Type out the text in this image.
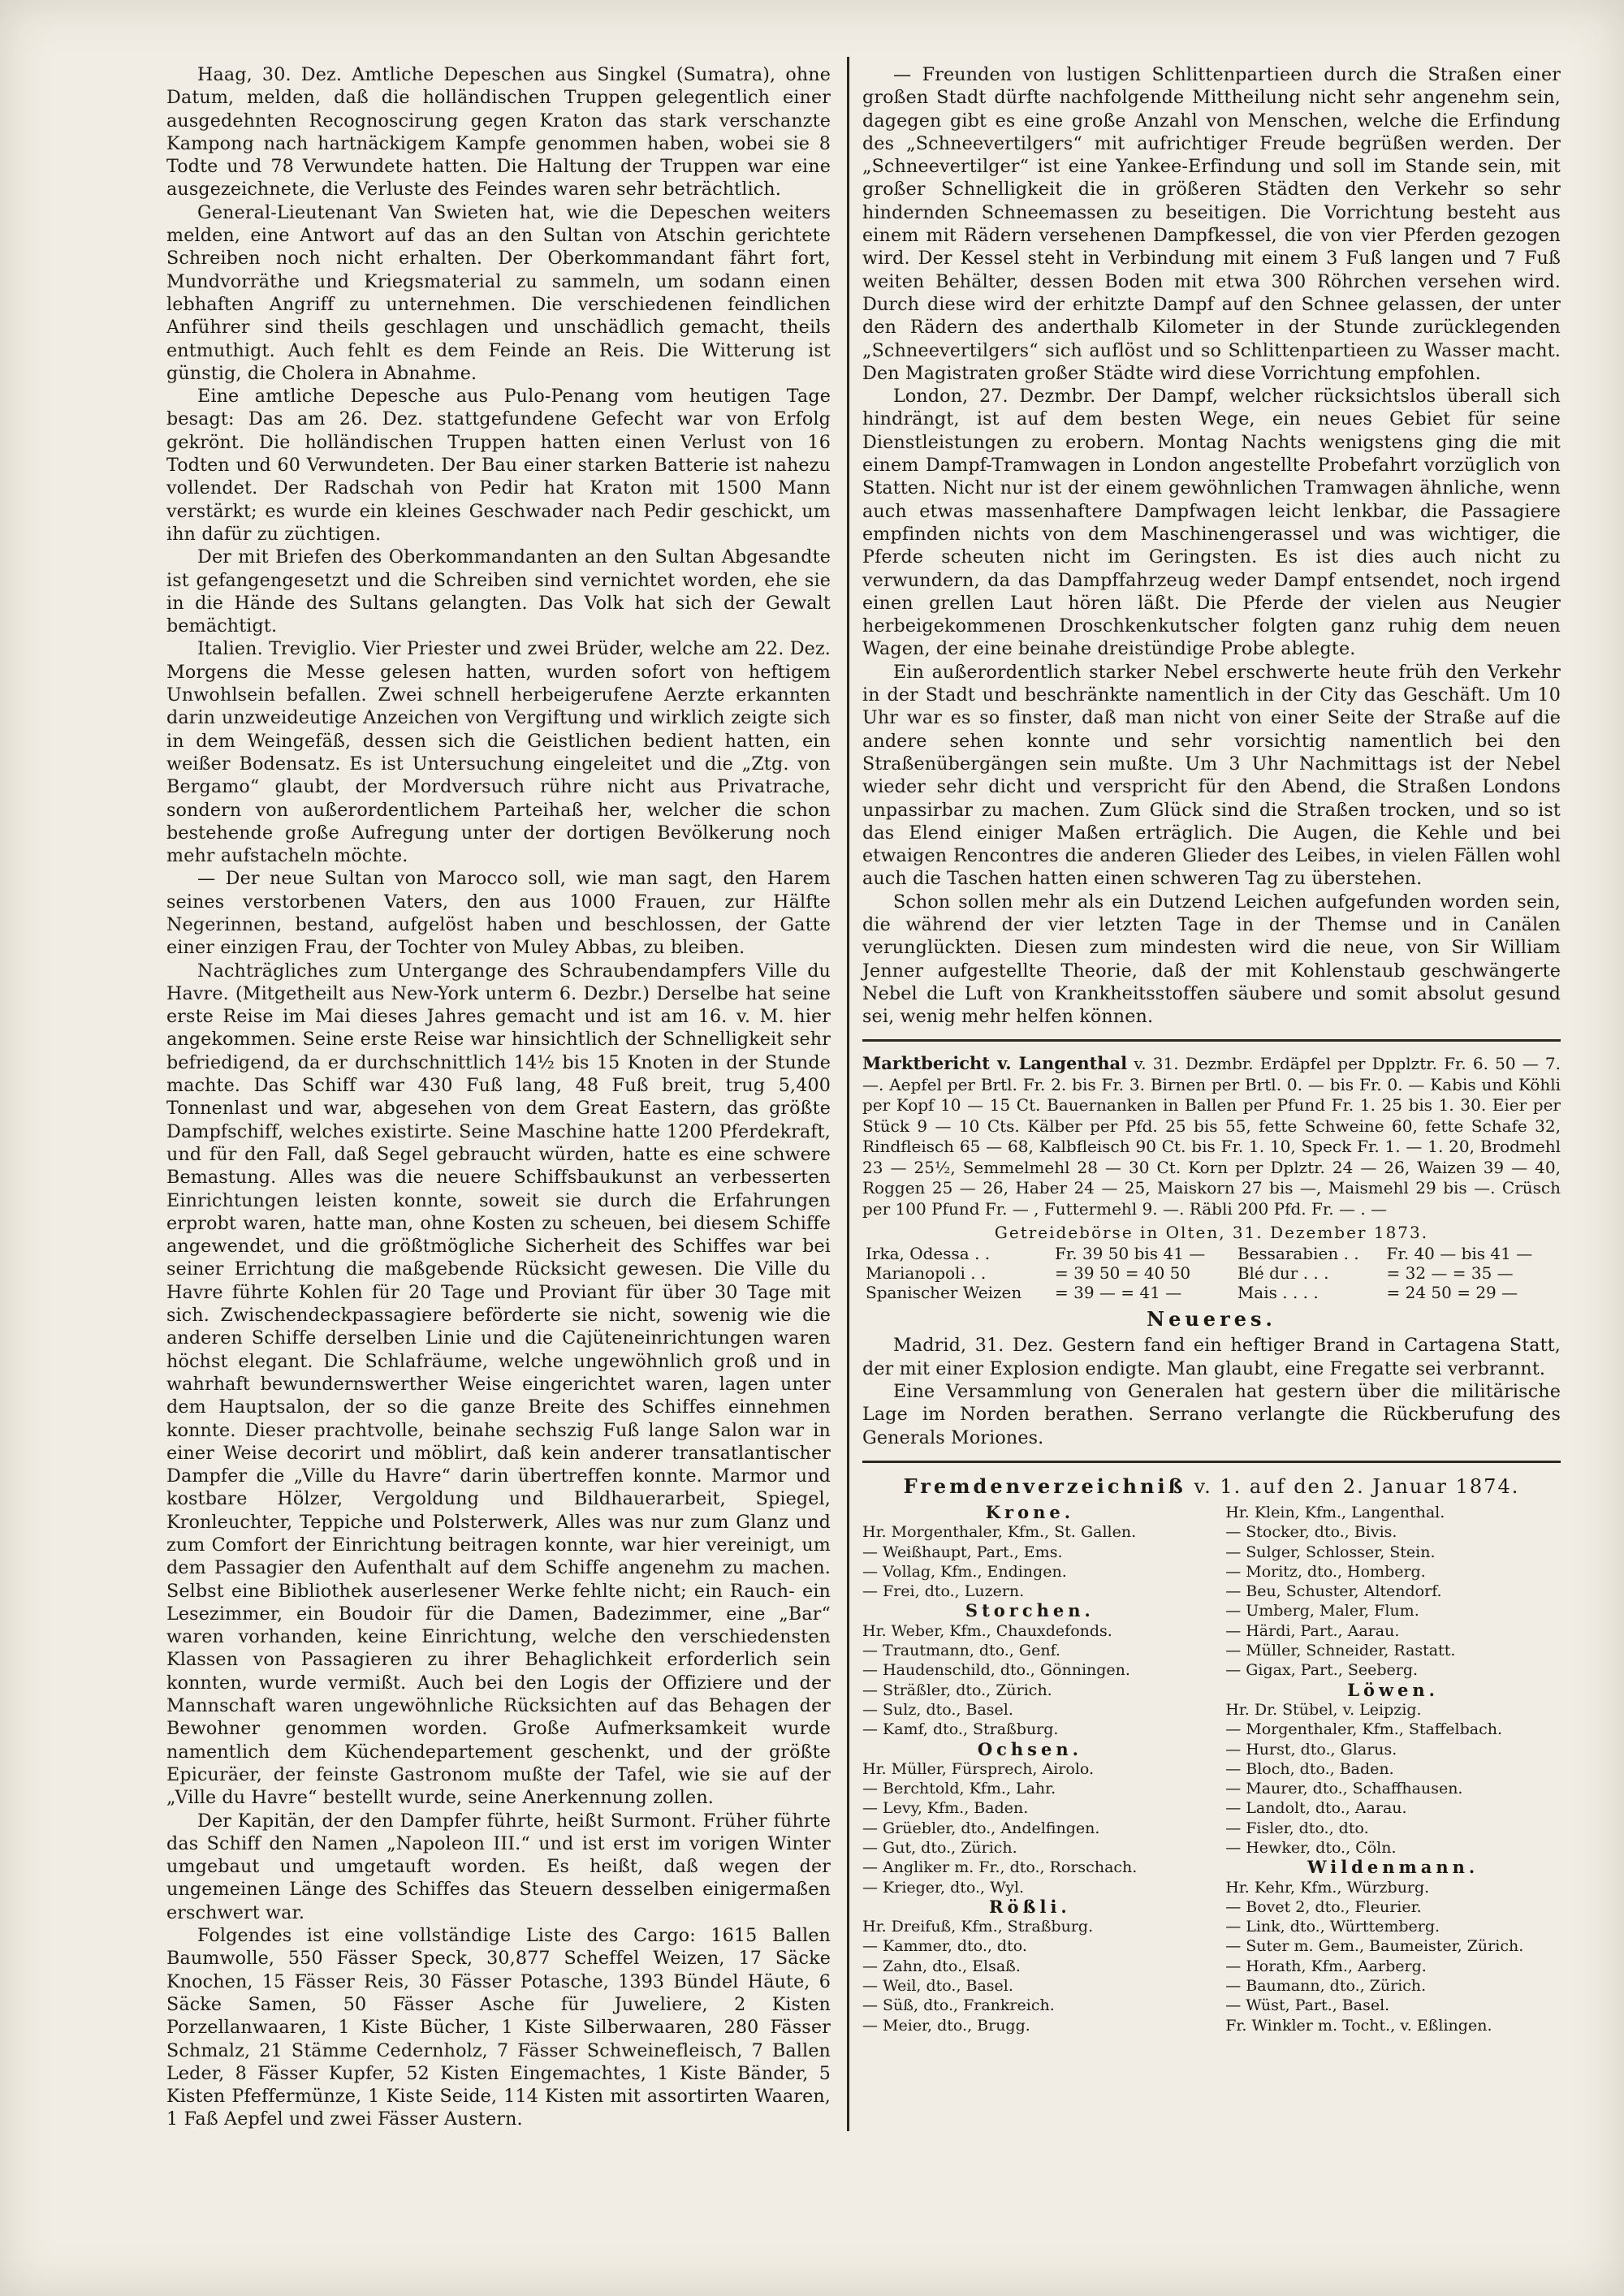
Haag, 30. Dez. Amtliche Depeschen aus Singkel (Sumatra), ohne Datum, melden, daß die holländischen Truppen gelegentlich einer ausgedehnten Recognoscirung gegen Kraton das stark verschanzte Kampong nach hartnäckigem Kampfe genommen haben, wobei sie 8 Todte und 78 Verwundete hatten. Die Haltung der Truppen war eine ausgezeichnete, die Verluste des Feindes waren sehr beträchtlich.

General-Lieutenant Van Swieten hat, wie die Depeschen weiters melden, eine Antwort auf das an den Sultan von Atschin gerichtete Schreiben noch nicht erhalten. Der Oberkommandant fährt fort, Mundvorräthe und Kriegsmaterial zu sammeln, um sodann einen lebhaften Angriff zu unternehmen. Die verschiedenen feindlichen Anführer sind theils geschlagen und unschädlich gemacht, theils entmuthigt. Auch fehlt es dem Feinde an Reis. Die Witterung ist günstig, die Cholera in Abnahme.

Eine amtliche Depesche aus Pulo-Penang vom heutigen Tage besagt: Das am 26. Dez. stattgefundene Gefecht war von Erfolg gekrönt. Die holländischen Truppen hatten einen Verlust von 16 Todten und 60 Verwundeten. Der Bau einer starken Batterie ist nahezu vollendet. Der Radschah von Pedir hat Kraton mit 1500 Mann verstärkt; es wurde ein kleines Geschwader nach Pedir geschickt, um ihn dafür zu züchtigen.

Der mit Briefen des Oberkommandanten an den Sultan Abgesandte ist gefangengesetzt und die Schreiben sind vernichtet worden, ehe sie in die Hände des Sultans gelangten. Das Volk hat sich der Gewalt bemächtigt.

Italien. Treviglio. Vier Priester und zwei Brüder, welche am 22. Dez. Morgens die Messe gelesen hatten, wurden sofort von heftigem Unwohlsein befallen. Zwei schnell herbeigerufene Aerzte erkannten darin unzweideutige Anzeichen von Vergiftung und wirklich zeigte sich in dem Weingefäß, dessen sich die Geistlichen bedient hatten, ein weißer Bodensatz. Es ist Untersuchung eingeleitet und die „Ztg. von Bergamo“ glaubt, der Mordversuch rühre nicht aus Privatrache, sondern von außerordentlichem Parteihaß her, welcher die schon bestehende große Aufregung unter der dortigen Bevölkerung noch mehr aufstacheln möchte.

— Der neue Sultan von Marocco soll, wie man sagt, den Harem seines verstorbenen Vaters, den aus 1000 Frauen, zur Hälfte Negerinnen, bestand, aufgelöst haben und beschlossen, der Gatte einer einzigen Frau, der Tochter von Muley Abbas, zu bleiben.

Nachträgliches zum Untergange des Schraubendampfers Ville du Havre. (Mitgetheilt aus New-York unterm 6. Dezbr.) Derselbe hat seine erste Reise im Mai dieses Jahres gemacht und ist am 16. v. M. hier angekommen. Seine erste Reise war hinsichtlich der Schnelligkeit sehr befriedigend, da er durchschnittlich 14½ bis 15 Knoten in der Stunde machte. Das Schiff war 430 Fuß lang, 48 Fuß breit, trug 5,400 Tonnenlast und war, abgesehen von dem Great Eastern, das größte Dampfschiff, welches existirte. Seine Maschine hatte 1200 Pferdekraft, und für den Fall, daß Segel gebraucht würden, hatte es eine schwere Bemastung. Alles was die neuere Schiffsbaukunst an verbesserten Einrichtungen leisten konnte, soweit sie durch die Erfahrungen erprobt waren, hatte man, ohne Kosten zu scheuen, bei diesem Schiffe angewendet, und die größtmögliche Sicherheit des Schiffes war bei seiner Errichtung die maßgebende Rücksicht gewesen. Die Ville du Havre führte Kohlen für 20 Tage und Proviant für über 30 Tage mit sich. Zwischendeckpassagiere beförderte sie nicht, sowenig wie die anderen Schiffe derselben Linie und die Cajüteneinrichtungen waren höchst elegant. Die Schlafräume, welche ungewöhnlich groß und in wahrhaft bewundernswerther Weise eingerichtet waren, lagen unter dem Hauptsalon, der so die ganze Breite des Schiffes einnehmen konnte. Dieser prachtvolle, beinahe sechszig Fuß lange Salon war in einer Weise decorirt und möblirt, daß kein anderer transatlantischer Dampfer die „Ville du Havre“ darin übertreffen konnte. Marmor und kostbare Hölzer, Vergoldung und Bildhauerarbeit, Spiegel, Kronleuchter, Teppiche und Polsterwerk, Alles was nur zum Glanz und zum Comfort der Einrichtung beitragen konnte, war hier vereinigt, um dem Passagier den Aufenthalt auf dem Schiffe angenehm zu machen. Selbst eine Bibliothek auserlesener Werke fehlte nicht; ein Rauch- ein Lesezimmer, ein Boudoir für die Damen, Badezimmer, eine „Bar“ waren vorhanden, keine Einrichtung, welche den verschiedensten Klassen von Passagieren zu ihrer Behaglichkeit erforderlich sein konnten, wurde vermißt. Auch bei den Logis der Offiziere und der Mannschaft waren ungewöhnliche Rücksichten auf das Behagen der Bewohner genommen worden. Große Aufmerksamkeit wurde namentlich dem Küchendepartement geschenkt, und der größte Epicuräer, der feinste Gastronom mußte der Tafel, wie sie auf der „Ville du Havre“ bestellt wurde, seine Anerkennung zollen.

Der Kapitän, der den Dampfer führte, heißt Surmont. Früher führte das Schiff den Namen „Napoleon III.“ und ist erst im vorigen Winter umgebaut und umgetauft worden. Es heißt, daß wegen der ungemeinen Länge des Schiffes das Steuern desselben einigermaßen erschwert war.

Folgendes ist eine vollständige Liste des Cargo: 1615 Ballen Baumwolle, 550 Fässer Speck, 30,877 Scheffel Weizen, 17 Säcke Knochen, 15 Fässer Reis, 30 Fässer Potasche, 1393 Bündel Häute, 6 Säcke Samen, 50 Fässer Asche für Juweliere, 2 Kisten Porzellanwaaren, 1 Kiste Bücher, 1 Kiste Silberwaaren, 280 Fässer Schmalz, 21 Stämme Cedernholz, 7 Fässer Schweinefleisch, 7 Ballen Leder, 8 Fässer Kupfer, 52 Kisten Eingemachtes, 1 Kiste Bänder, 5 Kisten Pfeffermünze, 1 Kiste Seide, 114 Kisten mit assortirten Waaren, 1 Faß Aepfel und zwei Fässer Austern.

— Freunden von lustigen Schlittenpartieen durch die Straßen einer großen Stadt dürfte nachfolgende Mittheilung nicht sehr angenehm sein, dagegen gibt es eine große Anzahl von Menschen, welche die Erfindung des „Schneevertilgers“ mit aufrichtiger Freude begrüßen werden. Der „Schneevertilger“ ist eine Yankee-Erfindung und soll im Stande sein, mit großer Schnelligkeit die in größeren Städten den Verkehr so sehr hindernden Schneemassen zu beseitigen. Die Vorrichtung besteht aus einem mit Rädern versehenen Dampfkessel, die von vier Pferden gezogen wird. Der Kessel steht in Verbindung mit einem 3 Fuß langen und 7 Fuß weiten Behälter, dessen Boden mit etwa 300 Röhrchen versehen wird. Durch diese wird der erhitzte Dampf auf den Schnee gelassen, der unter den Rädern des anderthalb Kilometer in der Stunde zurücklegenden „Schneevertilgers“ sich auflöst und so Schlittenpartieen zu Wasser macht. Den Magistraten großer Städte wird diese Vorrichtung empfohlen.

London, 27. Dezmbr. Der Dampf, welcher rücksichtslos überall sich hindrängt, ist auf dem besten Wege, ein neues Gebiet für seine Dienstleistungen zu erobern. Montag Nachts wenigstens ging die mit einem Dampf-Tramwagen in London angestellte Probefahrt vorzüglich von Statten. Nicht nur ist der einem gewöhnlichen Tramwagen ähnliche, wenn auch etwas massenhaftere Dampfwagen leicht lenkbar, die Passagiere empfinden nichts von dem Maschinengerassel und was wichtiger, die Pferde scheuten nicht im Geringsten. Es ist dies auch nicht zu verwundern, da das Dampffahrzeug weder Dampf entsendet, noch irgend einen grellen Laut hören läßt. Die Pferde der vielen aus Neugier herbeigekommenen Droschkenkutscher folgten ganz ruhig dem neuen Wagen, der eine beinahe dreistündige Probe ablegte.

Ein außerordentlich starker Nebel erschwerte heute früh den Verkehr in der Stadt und beschränkte namentlich in der City das Geschäft. Um 10 Uhr war es so finster, daß man nicht von einer Seite der Straße auf die andere sehen konnte und sehr vorsichtig namentlich bei den Straßenübergängen sein mußte. Um 3 Uhr Nachmittags ist der Nebel wieder sehr dicht und verspricht für den Abend, die Straßen Londons unpassirbar zu machen. Zum Glück sind die Straßen trocken, und so ist das Elend einiger Maßen erträglich. Die Augen, die Kehle und bei etwaigen Rencontres die anderen Glieder des Leibes, in vielen Fällen wohl auch die Taschen hatten einen schweren Tag zu überstehen.

Schon sollen mehr als ein Dutzend Leichen aufgefunden worden sein, die während der vier letzten Tage in der Themse und in Canälen verunglückten. Diesen zum mindesten wird die neue, von Sir William Jenner aufgestellte Theorie, daß der mit Kohlenstaub geschwängerte Nebel die Luft von Krankheitsstoffen säubere und somit absolut gesund sei, wenig mehr helfen können.

Marktbericht v. Langenthal v. 31. Dezmbr. Erdäpfel per Dpplztr. Fr. 6. 50 — 7. —. Aepfel per Brtl. Fr. 2. bis Fr. 3. Birnen per Brtl. 0. — bis Fr. 0. — Kabis und Köhli per Kopf 10 — 15 Ct. Bauernanken in Ballen per Pfund Fr. 1. 25 bis 1. 30. Eier per Stück 9 — 10 Cts. Kälber per Pfd. 25 bis 55, fette Schweine 60, fette Schafe 32, Rindfleisch 65 — 68, Kalbfleisch 90 Ct. bis Fr. 1. 10, Speck Fr. 1. — 1. 20, Brodmehl 23 — 25½, Semmelmehl 28 — 30 Ct. Korn per Dplztr. 24 — 26, Waizen 39 — 40, Roggen 25 — 26, Haber 24 — 25, Maiskorn 27 bis —, Maismehl 29 bis —. Crüsch per 100 Pfund Fr. — , Futtermehl 9. —. Räbli 200 Pfd. Fr. — . —

Getreidebörse in Olten, 31. Dezember 1873.
Irka, Odessa . .	Fr. 39 50 bis 41 —	Bessarabien . .	Fr. 40 — bis 41 —
Marianopoli . .	= 39 50 = 40 50	Blé dur . . .	= 32 — = 35 —
Spanischer Weizen	= 39 — = 41 —	Mais . . . .	= 24 50 = 29 —
Neueres.

Madrid, 31. Dez. Gestern fand ein heftiger Brand in Cartagena Statt, der mit einer Explosion endigte. Man glaubt, eine Fregatte sei verbrannt.

Eine Versammlung von Generalen hat gestern über die militärische Lage im Norden berathen. Serrano verlangte die Rückberufung des Generals Moriones.

Fremdenverzeichniß v. 1. auf den 2. Januar 1874.
Krone.
Hr. Morgenthaler, Kfm., St. Gallen.
— Weißhaupt, Part., Ems.
— Vollag, Kfm., Endingen.
— Frei, dto., Luzern.
Storchen.
Hr. Weber, Kfm., Chauxdefonds.
— Trautmann, dto., Genf.
— Haudenschild, dto., Gönningen.
— Sträßler, dto., Zürich.
— Sulz, dto., Basel.
— Kamf, dto., Straßburg.
Ochsen.
Hr. Müller, Fürsprech, Airolo.
— Berchtold, Kfm., Lahr.
— Levy, Kfm., Baden.
— Grüebler, dto., Andelfingen.
— Gut, dto., Zürich.
— Angliker m. Fr., dto., Rorschach.
— Krieger, dto., Wyl.
Rößli.
Hr. Dreifuß, Kfm., Straßburg.
— Kammer, dto., dto.
— Zahn, dto., Elsaß.
— Weil, dto., Basel.
— Süß, dto., Frankreich.
— Meier, dto., Brugg.
Hr. Klein, Kfm., Langenthal.
— Stocker, dto., Bivis.
— Sulger, Schlosser, Stein.
— Moritz, dto., Homberg.
— Beu, Schuster, Altendorf.
— Umberg, Maler, Flum.
— Härdi, Part., Aarau.
— Müller, Schneider, Rastatt.
— Gigax, Part., Seeberg.
Löwen.
Hr. Dr. Stübel, v. Leipzig.
— Morgenthaler, Kfm., Staffelbach.
— Hurst, dto., Glarus.
— Bloch, dto., Baden.
— Maurer, dto., Schaffhausen.
— Landolt, dto., Aarau.
— Fisler, dto., dto.
— Hewker, dto., Cöln.
Wildenmann.
Hr. Kehr, Kfm., Würzburg.
— Bovet 2, dto., Fleurier.
— Link, dto., Württemberg.
— Suter m. Gem., Baumeister, Zürich.
— Horath, Kfm., Aarberg.
— Baumann, dto., Zürich.
— Wüst, Part., Basel.
Fr. Winkler m. Tocht., v. Eßlingen.
